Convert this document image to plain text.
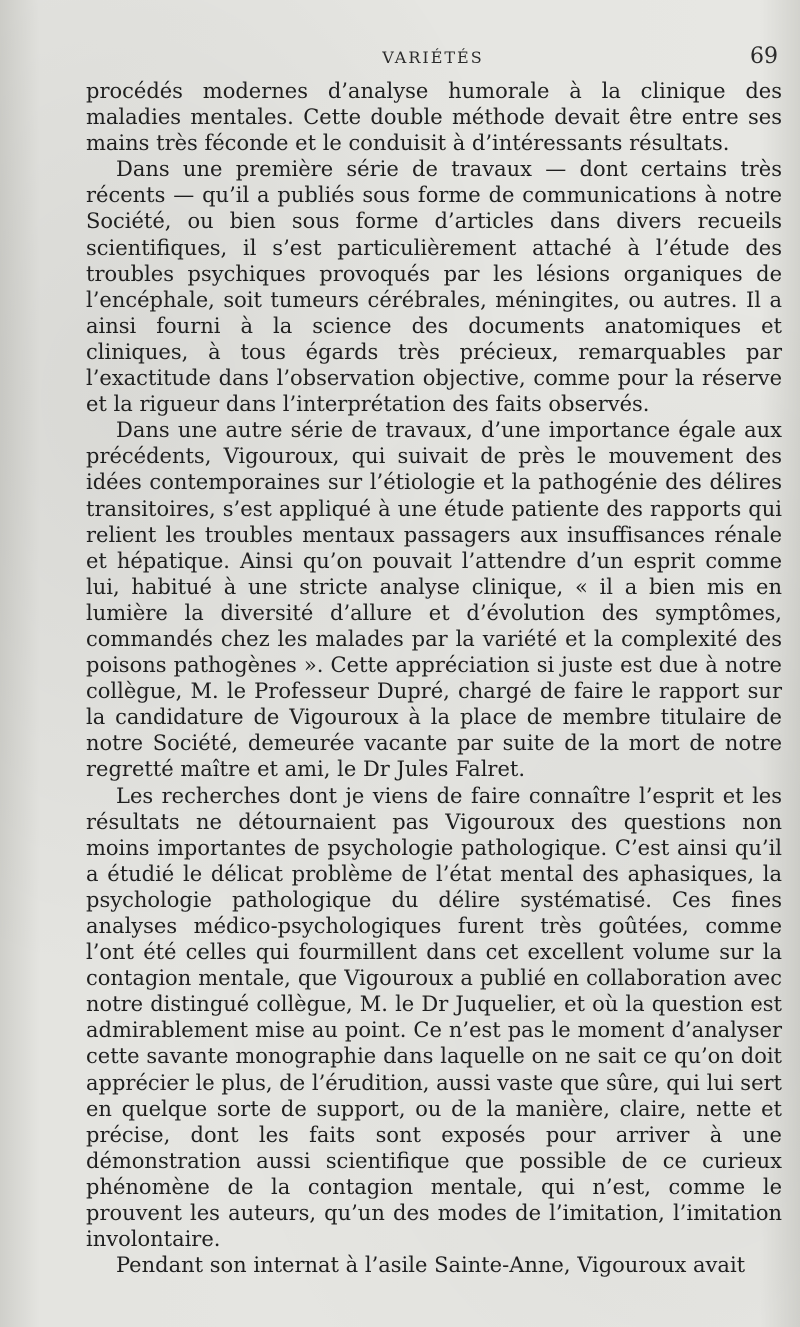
VARIÉTÉS	69

procédés modernes d’analyse humorale à la clinique des maladies mentales. Cette double méthode devait être entre ses mains très féconde et le conduisit à d’intéressants résultats.

Dans une première série de travaux — dont certains très récents — qu’il a publiés sous forme de communications à notre Société, ou bien sous forme d’articles dans divers recueils scientifiques, il s’est particulièrement attaché à l’étude des troubles psychiques provoqués par les lésions organiques de l’encéphale, soit tumeurs cérébrales, méningites, ou autres. Il a ainsi fourni à la science des documents anatomiques et cliniques, à tous égards très précieux, remarquables par l’exactitude dans l’observation objective, comme pour la réserve et la rigueur dans l’interprétation des faits observés.

Dans une autre série de travaux, d’une importance égale aux précédents, Vigouroux, qui suivait de près le mouvement des idées contemporaines sur l’étiologie et la pathogénie des délires transitoires, s’est appliqué à une étude patiente des rapports qui relient les troubles mentaux passagers aux insuffisances rénale et hépatique. Ainsi qu’on pouvait l’attendre d’un esprit comme lui, habitué à une stricte analyse clinique, « il a bien mis en lumière la diversité d’allure et d’évolution des symptômes, commandés chez les malades par la variété et la complexité des poisons pathogènes ». Cette appréciation si juste est due à notre collègue, M. le Professeur Dupré, chargé de faire le rapport sur la candidature de Vigouroux à la place de membre titulaire de notre Société, demeurée vacante par suite de la mort de notre regretté maître et ami, le Dr Jules Falret.

Les recherches dont je viens de faire connaître l’esprit et les résultats ne détournaient pas Vigouroux des questions non moins importantes de psychologie pathologique. C’est ainsi qu’il a étudié le délicat problème de l’état mental des aphasiques, la psychologie pathologique du délire systématisé. Ces fines analyses médico-psychologiques furent très goûtées, comme l’ont été celles qui fourmillent dans cet excellent volume sur la contagion mentale, que Vigouroux a publié en collaboration avec notre distingué collègue, M. le Dr Juquelier, et où la question est admirablement mise au point. Ce n’est pas le moment d’analyser cette savante monographie dans laquelle on ne sait ce qu’on doit apprécier le plus, de l’érudition, aussi vaste que sûre, qui lui sert en quelque sorte de support, ou de la manière, claire, nette et précise, dont les faits sont exposés pour arriver à une démonstration aussi scientifique que possible de ce curieux phénomène de la contagion mentale, qui n’est, comme le prouvent les auteurs, qu’un des modes de l’imitation, l’imitation involontaire.

Pendant son internat à l’asile Sainte-Anne, Vigouroux avait
